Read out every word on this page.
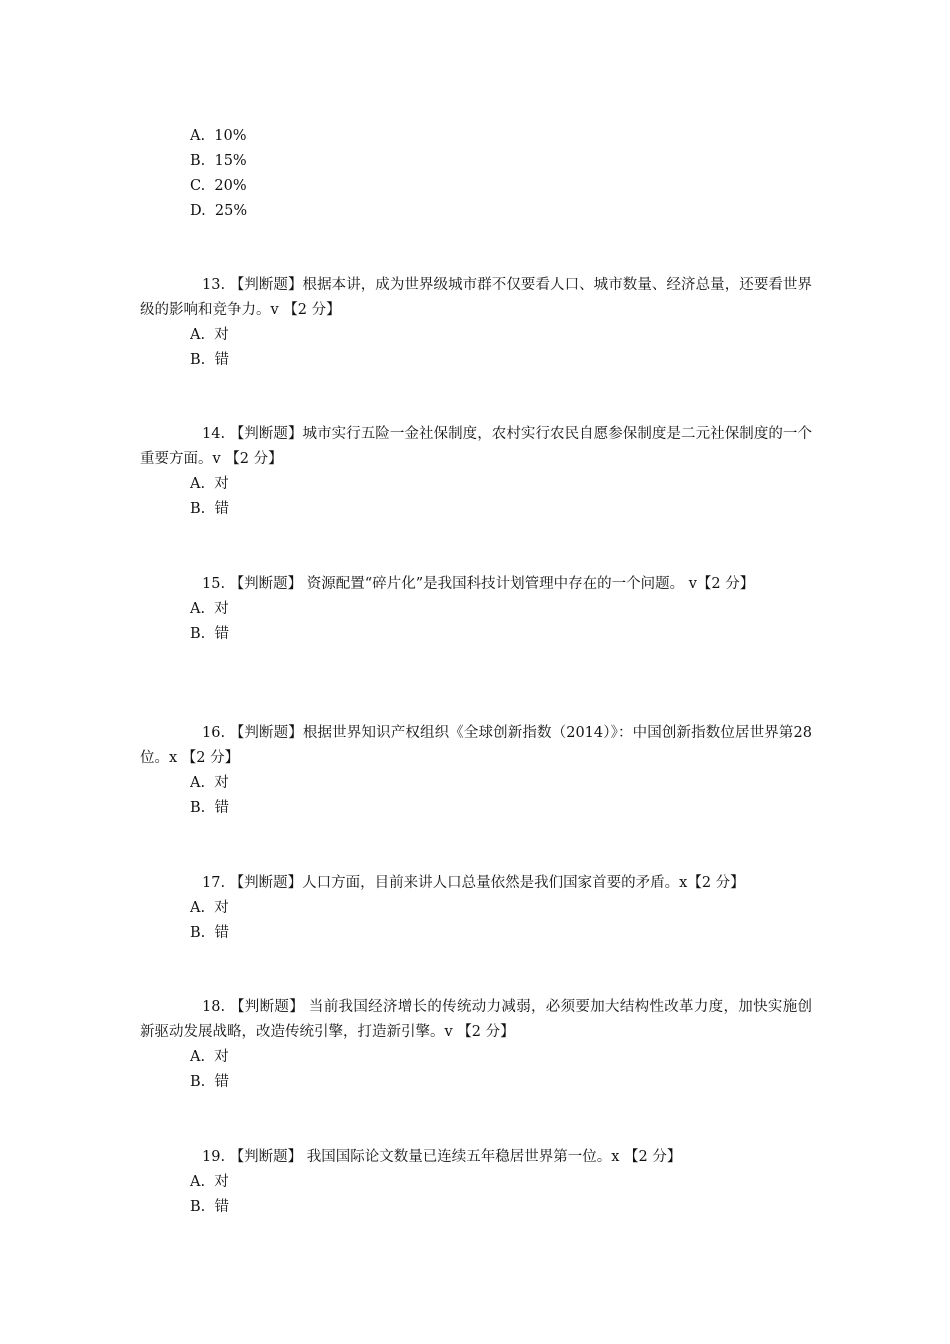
A.  10%
B.  15%
C.  20%
D.  25%
13. 【判断题】根据本讲，成为世界级城市群不仅要看人口、城市数量、经济总量，还要看世界级的影响和竞争力。v 【2 分】
A.  对
B.  错
14. 【判断题】城市实行五险一金社保制度，农村实行农民自愿参保制度是二元社保制度的一个重要方面。v 【2 分】
A.  对
B.  错
15. 【判断题】 资源配置“碎片化”是我国科技计划管理中存在的一个问题。 v【2 分】
A.  对
B.  错
16. 【判断题】根据世界知识产权组织《全球创新指数（2014）》：中国创新指数位居世界第28位。x 【2 分】
A.  对
B.  错
17. 【判断题】人口方面，目前来讲人口总量依然是我们国家首要的矛盾。x【2 分】
A.  对
B.  错
18. 【判断题】 当前我国经济增长的传统动力减弱，必须要加大结构性改革力度，加快实施创新驱动发展战略，改造传统引擎，打造新引擎。v 【2 分】
A.  对
B.  错
19. 【判断题】 我国国际论文数量已连续五年稳居世界第一位。x 【2 分】
A.  对
B.  错
